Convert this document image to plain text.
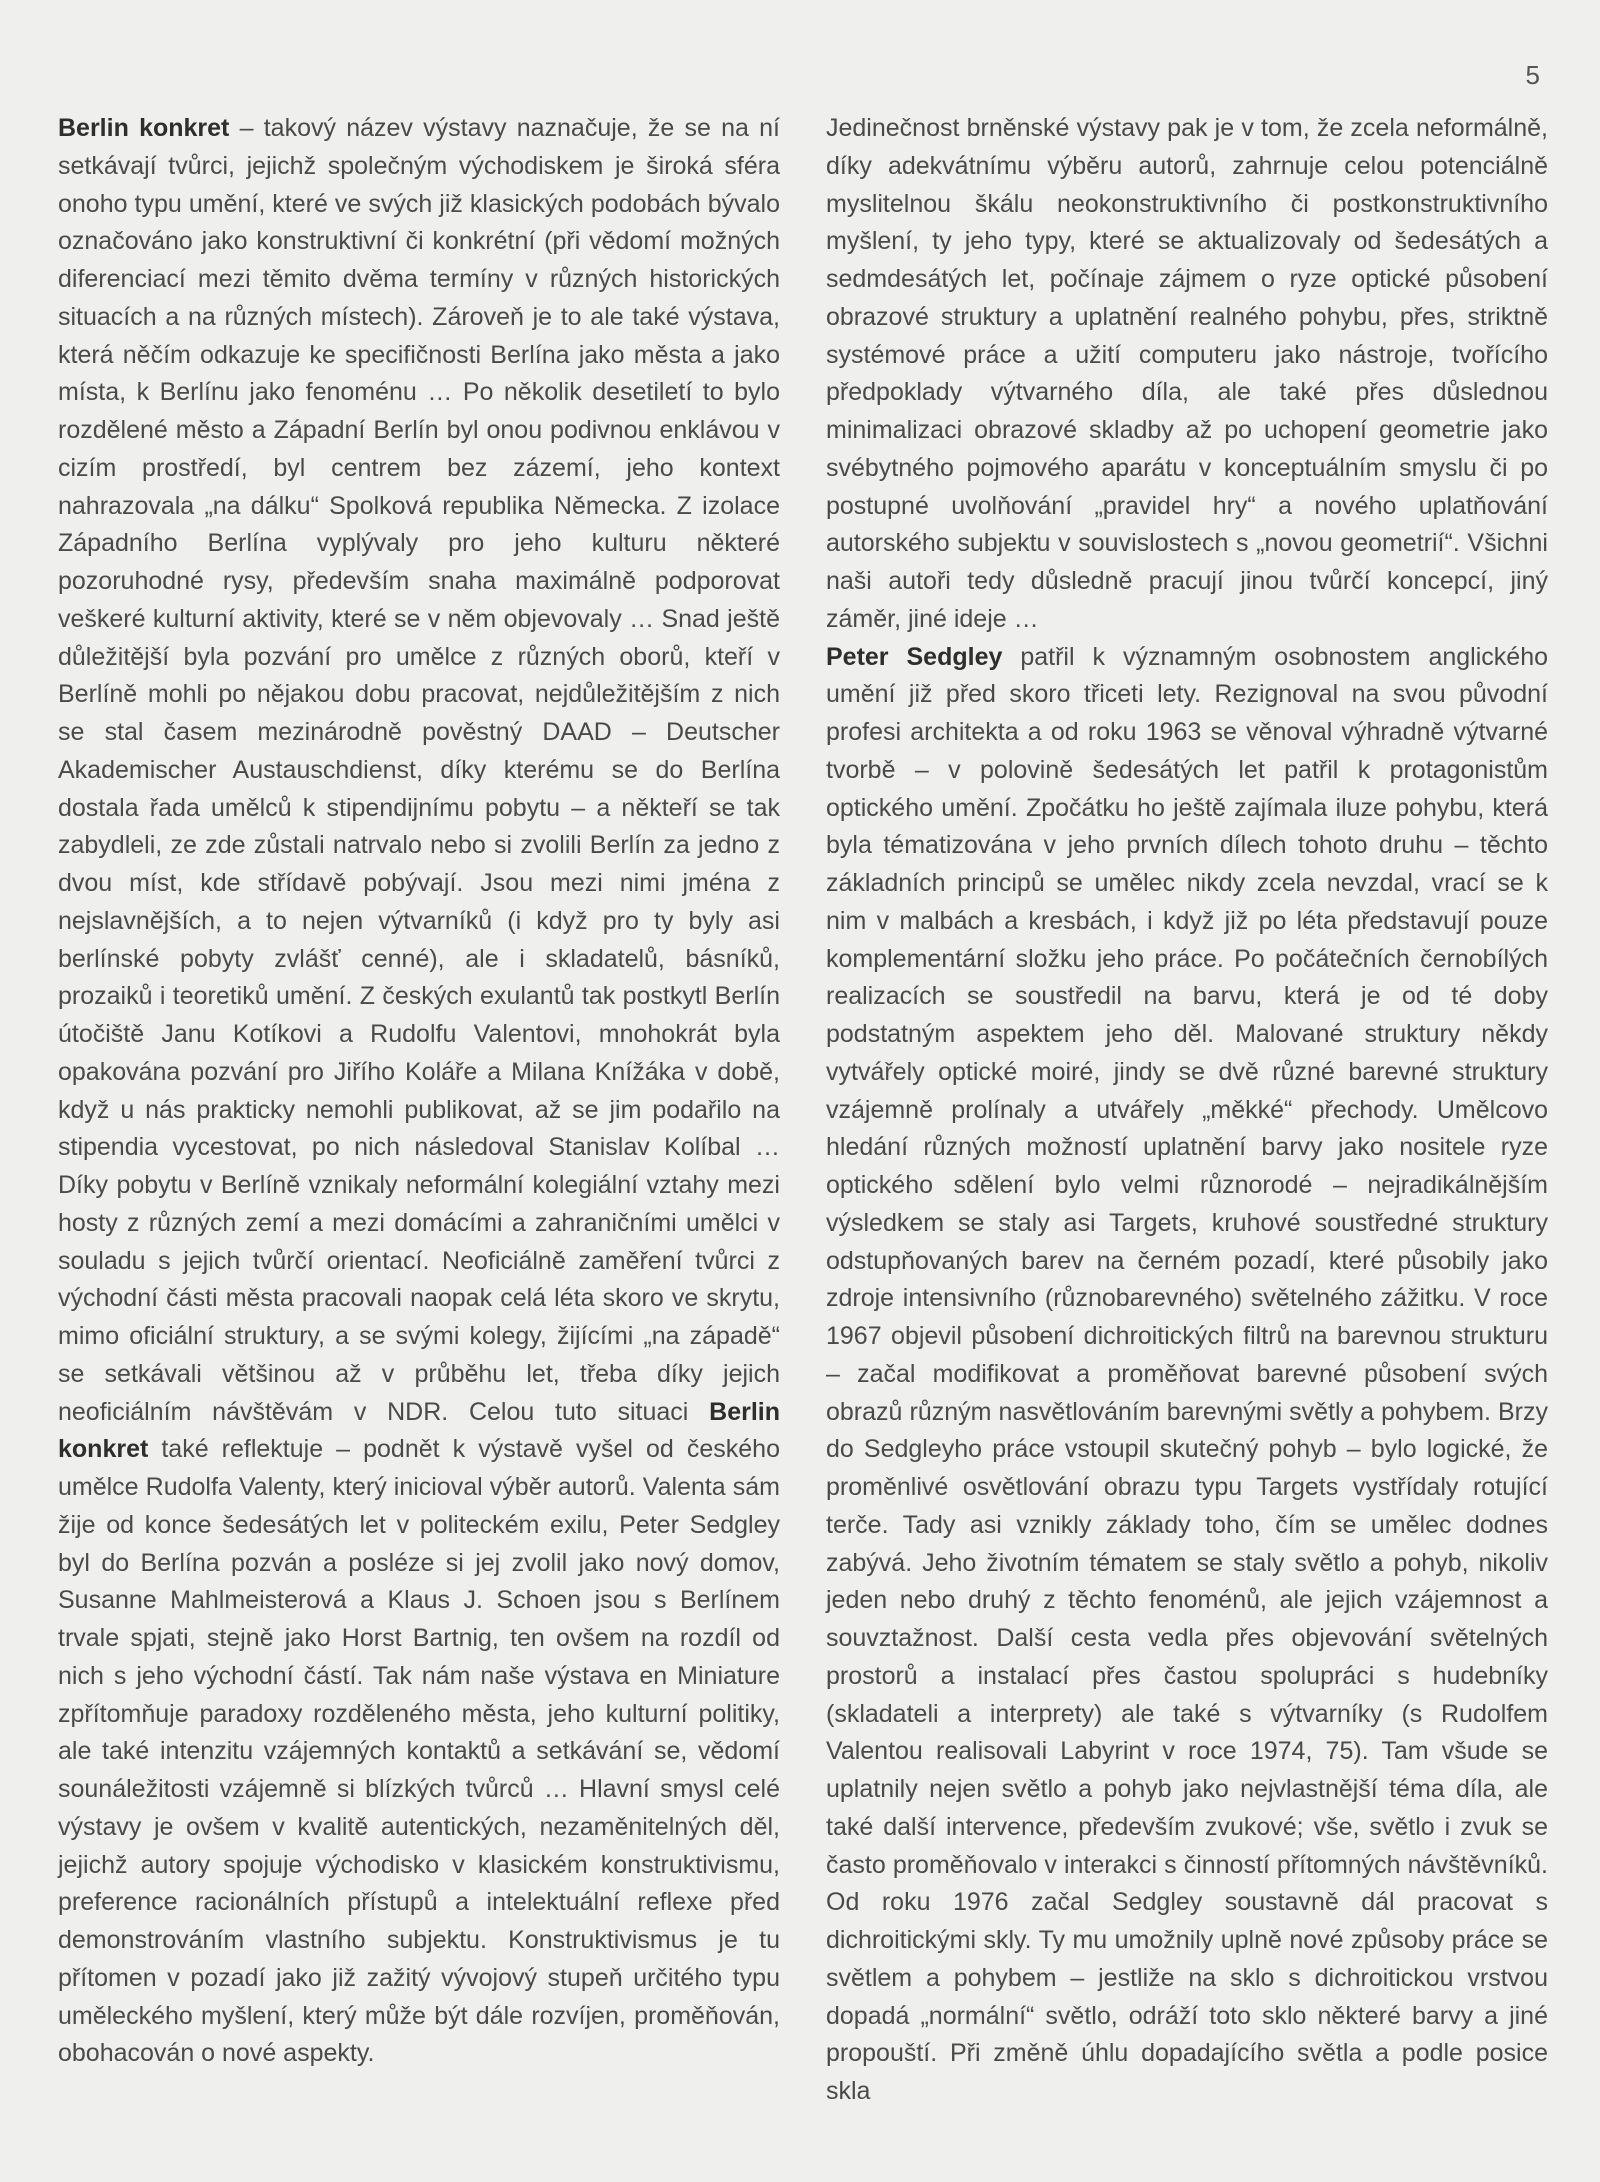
5

Berlin konkret – takový název výstavy naznačuje, že se na ní setkávají tvůrci, jejichž společným východiskem je široká sféra onoho typu umění, které ve svých již klasických podobách bývalo označováno jako konstruktivní či konkrétní (při vědomí možných diferenciací mezi těmito dvěma termíny v různých historických situacích a na různých místech). Zároveň je to ale také výstava, která něčím odkazuje ke specifičnosti Berlína jako města a jako místa, k Berlínu jako fenoménu … Po několik desetiletí to bylo rozdělené město a Západní Berlín byl onou podivnou enklávou v cizím prostředí, byl centrem bez zázemí, jeho kontext nahrazovala „na dálku“ Spolková republika Německa. Z izolace Západního Berlína vyplývaly pro jeho kulturu některé pozoruhodné rysy, především snaha maximálně podporovat veškeré kulturní aktivity, které se v něm objevovaly … Snad ještě důležitější byla pozvání pro umělce z různých oborů, kteří v Berlíně mohli po nějakou dobu pracovat, nejdůležitějším z nich se stal časem mezinárodně pověstný DAAD – Deutscher Akademischer Austauschdienst, díky kterému se do Berlína dostala řada umělců k stipendijnímu pobytu – a někteří se tak zabydleli, ze zde zůstali natrvalo nebo si zvolili Berlín za jedno z dvou míst, kde střídavě pobývají. Jsou mezi nimi jména z nejslavnějších, a to nejen výtvarníků (i když pro ty byly asi berlínské pobyty zvlášť cenné), ale i skladatelů, básníků, prozaiků i teoretiků umění. Z českých exulantů tak postkytl Berlín útočiště Janu Kotíkovi a Rudolfu Valentovi, mnohokrát byla opakována pozvání pro Jiřího Koláře a Milana Knížáka v době, když u nás prakticky nemohli publikovat, až se jim podařilo na stipendia vycestovat, po nich následoval Stanislav Kolíbal … Díky pobytu v Berlíně vznikaly neformální kolegiální vztahy mezi hosty z různých zemí a mezi domácími a zahraničními umělci v souladu s jejich tvůrčí orientací. Neoficiálně zaměření tvůrci z východní části města pracovali naopak celá léta skoro ve skrytu, mimo oficiální struktury, a se svými kolegy, žijícími „na západě“ se setkávali většinou až v průběhu let, třeba díky jejich neoficiálním návštěvám v NDR. Celou tuto situaci Berlin konkret také reflektuje – podnět k výstavě vyšel od českého umělce Rudolfa Valenty, který inicioval výběr autorů. Valenta sám žije od konce šedesátých let v politeckém exilu, Peter Sedgley byl do Berlína pozván a posléze si jej zvolil jako nový domov, Susanne Mahlmeisterová a Klaus J. Schoen jsou s Berlínem trvale spjati, stejně jako Horst Bartnig, ten ovšem na rozdíl od nich s jeho východní částí. Tak nám naše výstava en Miniature zpřítomňuje paradoxy rozděleného města, jeho kulturní politiky, ale také intenzitu vzájemných kontaktů a setkávání se, vědomí sounáležitosti vzájemně si blízkých tvůrců … Hlavní smysl celé výstavy je ovšem v kvalitě autentických, nezaměnitelných děl, jejichž autory spojuje východisko v klasickém konstruktivismu, preference racionálních přístupů a intelektuální reflexe před demonstrováním vlastního subjektu. Konstruktivismus je tu přítomen v pozadí jako již zažitý vývojový stupeň určitého typu uměleckého myšlení, který může být dále rozvíjen, proměňován, obohacován o nové aspekty.

Jedinečnost brněnské výstavy pak je v tom, že zcela neformálně, díky adekvátnímu výběru autorů, zahrnuje celou potenciálně myslitelnou škálu neokonstruktivního či postkonstruktivního myšlení, ty jeho typy, které se aktualizovaly od šedesátých a sedmdesátých let, počínaje zájmem o ryze optické působení obrazové struktury a uplatnění realného pohybu, přes, striktně systémové práce a užití computeru jako nástroje, tvořícího předpoklady výtvarného díla, ale také přes důslednou minimalizaci obrazové skladby až po uchopení geometrie jako svébytného pojmového aparátu v konceptuálním smyslu či po postupné uvolňování „pravidel hry“ a nového uplatňování autorského subjektu v souvislostech s „novou geometrií“. Všichni naši autoři tedy důsledně pracují jinou tvůrčí koncepcí, jiný záměr, jiné ideje …

Peter Sedgley patřil k významným osobnostem anglického umění již před skoro třiceti lety. Rezignoval na svou původní profesi architekta a od roku 1963 se věnoval výhradně výtvarné tvorbě – v polovině šedesátých let patřil k protagonistům optického umění. Zpočátku ho ještě zajímala iluze pohybu, která byla tématizována v jeho prvních dílech tohoto druhu – těchto základních principů se umělec nikdy zcela nevzdal, vrací se k nim v malbách a kresbách, i když již po léta představují pouze komplementární složku jeho práce. Po počátečních černobílých realizacích se soustředil na barvu, která je od té doby podstatným aspektem jeho děl. Malované struktury někdy vytvářely optické moiré, jindy se dvě různé barevné struktury vzájemně prolínaly a utvářely „měkké“ přechody. Umělcovo hledání různých možností uplatnění barvy jako nositele ryze optického sdělení bylo velmi různorodé – nejradikálnějším výsledkem se staly asi Targets, kruhové soustředné struktury odstupňovaných barev na černém pozadí, které působily jako zdroje intensivního (různobarevného) světelného zážitku. V roce 1967 objevil působení dichroitických filtrů na barevnou strukturu – začal modifikovat a proměňovat barevné působení svých obrazů různým nasvětlováním barevnými světly a pohybem. Brzy do Sedgleyho práce vstoupil skutečný pohyb – bylo logické, že proměnlivé osvětlování obrazu typu Targets vystřídaly rotující terče. Tady asi vznikly základy toho, čím se umělec dodnes zabývá. Jeho životním tématem se staly světlo a pohyb, nikoliv jeden nebo druhý z těchto fenoménů, ale jejich vzájemnost a souvztažnost. Další cesta vedla přes objevování světelných prostorů a instalací přes častou spolupráci s hudebníky (skladateli a interprety) ale také s výtvarníky (s Rudolfem Valentou realisovali Labyrint v roce 1974, 75). Tam všude se uplatnily nejen světlo a pohyb jako nejvlastnější téma díla, ale také další intervence, především zvukové; vše, světlo i zvuk se často proměňovalo v interakci s činností přítomných návštěvníků. Od roku 1976 začal Sedgley soustavně dál pracovat s dichroitickými skly. Ty mu umožnily uplně nové způsoby práce se světlem a pohybem – jestliže na sklo s dichroitickou vrstvou dopadá „normální“ světlo, odráží toto sklo některé barvy a jiné propouští. Při změně úhlu dopadajícího světla a podle posice skla
